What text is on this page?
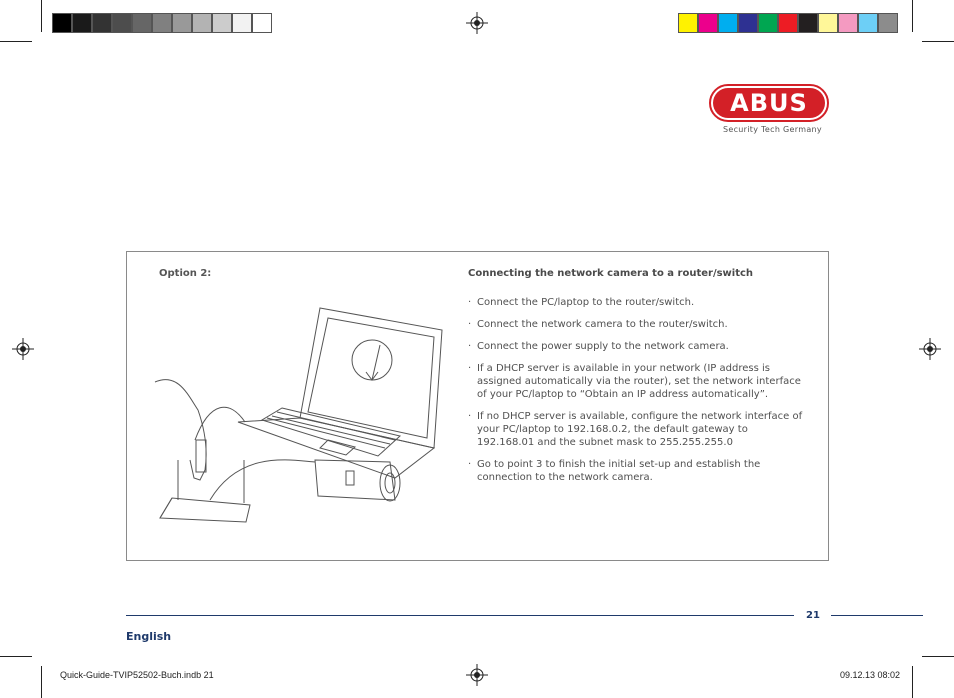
ABUS
Security Tech Germany
Option 2:	Connecting the network camera to a router/switch
· Connect the PC/laptop to the router/switch.
· Connect the network camera to the router/switch.
· Connect the power supply to the network camera.
· If a DHCP server is available in your network (IP address is assigned automatically via the router), set the network interface of your PC/laptop to “Obtain an IP address automatically”.
· If no DHCP server is available, configure the network interface of your PC/laptop to 192.168.0.2, the default gateway to 192.168.01 and the subnet mask to 255.255.255.0
· Go to point 3 to finish the initial set-up and establish the connection to the network camera.
21
English
Quick-Guide-TVIP52502-Buch.indb 21	09.12.13 08:02
